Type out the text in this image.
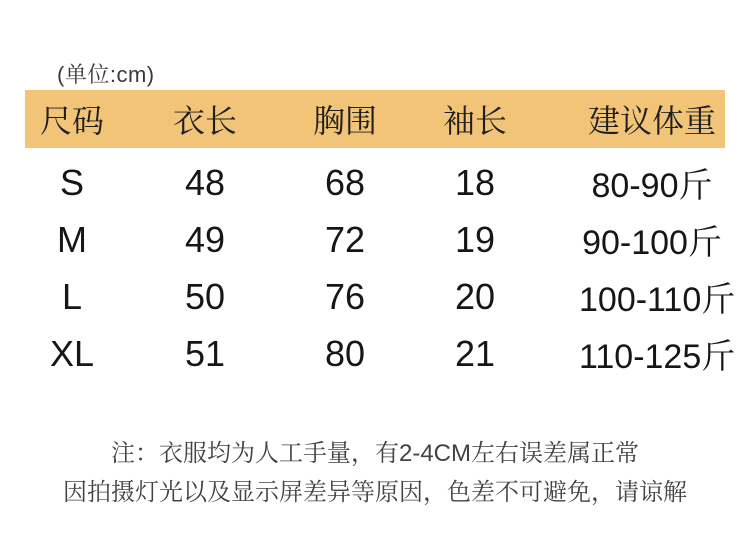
(单位:cm)
尺码	衣长	胸围	袖长	建议体重
S	48	68	18	80-90斤
M	49	72	19	90-100斤
L	50	76	20	100-110斤
XL	51	80	21	110-125斤
注：衣服均为人工手量，有2-4CM左右误差属正常
因拍摄灯光以及显示屏差异等原因，色差不可避免，请谅解
